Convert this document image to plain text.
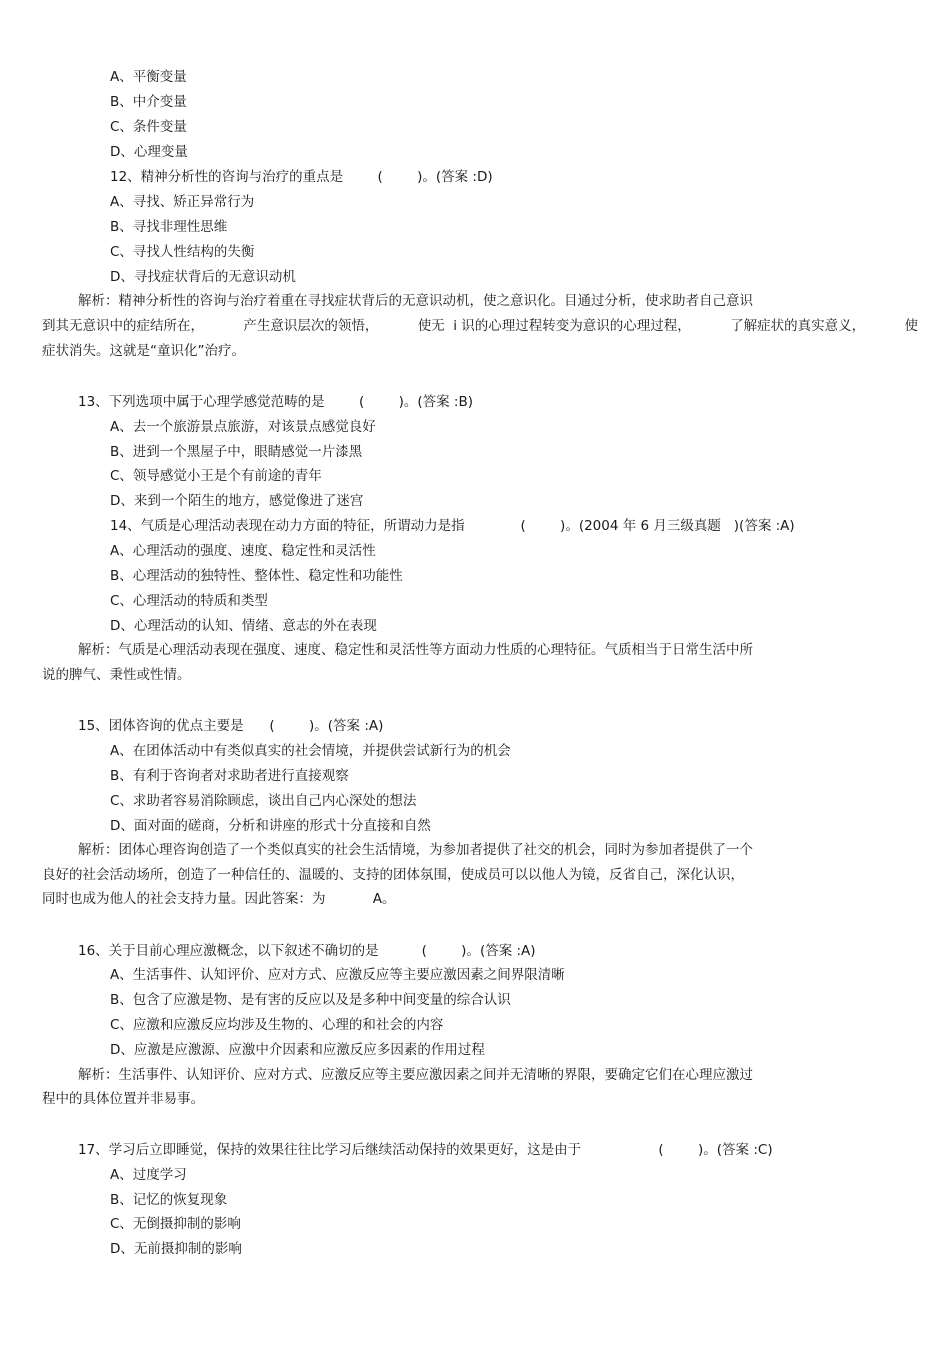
A、平衡变量
B、中介变量
C、条件变量
D、心理变量
12、精神分析性的咨询与治疗的重点是        (        )。(答案 :D)
A、寻找、矫正异常行为
B、寻找非理性思维
C、寻找人性结构的失衡
D、寻找症状背后的无意识动机
解析：精神分析性的咨询与治疗着重在寻找症状背后的无意识动机，使之意识化。目通过分析，使求助者自己意识
到其无意识中的症结所在，	产生意识层次的领悟，	使无  i 识的心理过程转变为意识的心理过程，	了解症状的真实意义，	使
症状消失。这就是“童识化”治疗。
13、下列选项中属于心理学感觉范畴的是        (        )。(答案 :B)
A、去一个旅游景点旅游，对该景点感觉良好
B、进到一个黑屋子中，眼睛感觉一片漆黑
C、领导感觉小王是个有前途的青年
D、来到一个陌生的地方，感觉像进了迷宫
14、气质是心理活动表现在动力方面的特征，所谓动力是指             (        )。(2004 年 6 月三级真题   )(答案 :A)
A、心理活动的强度、速度、稳定性和灵活性
B、心理活动的独特性、整体性、稳定性和功能性
C、心理活动的特质和类型
D、心理活动的认知、情绪、意志的外在表现
解析：气质是心理活动表现在强度、速度、稳定性和灵活性等方面动力性质的心理特征。气质相当于日常生活中所
说的脾气、秉性或性情。
15、团体咨询的优点主要是      (        )。(答案 :A)
A、在团体活动中有类似真实的社会情境，并提供尝试新行为的机会
B、有利于咨询者对求助者进行直接观察
C、求助者容易消除顾虑，谈出自己内心深处的想法
D、面对面的磋商，分析和讲座的形式十分直接和自然
解析：团体心理咨询创造了一个类似真实的社会生活情境，为参加者提供了社交的机会，同时为参加者提供了一个
良好的社会活动场所，创造了一种信任的、温暖的、支持的团体氛围，使成员可以以他人为镜，反省自己，深化认识，
同时也成为他人的社会支持力量。因此答案：为           A。
16、关于目前心理应激概念，以下叙述不确切的是          (        )。(答案 :A)
A、生活事件、认知评价、应对方式、应激反应等主要应激因素之间界限清晰
B、包含了应激是物、是有害的反应以及是多种中间变量的综合认识
C、应激和应激反应均涉及生物的、心理的和社会的内容
D、应激是应激源、应激中介因素和应激反应多因素的作用过程
解析：生活事件、认知评价、应对方式、应激反应等主要应激因素之间并无清晰的界限，要确定它们在心理应激过
程中的具体位置并非易事。
17、学习后立即睡觉，保持的效果往往比学习后继续活动保持的效果更好，这是由于                  (        )。(答案 :C)
A、过度学习
B、记忆的恢复现象
C、无倒摄抑制的影响
D、无前摄抑制的影响
